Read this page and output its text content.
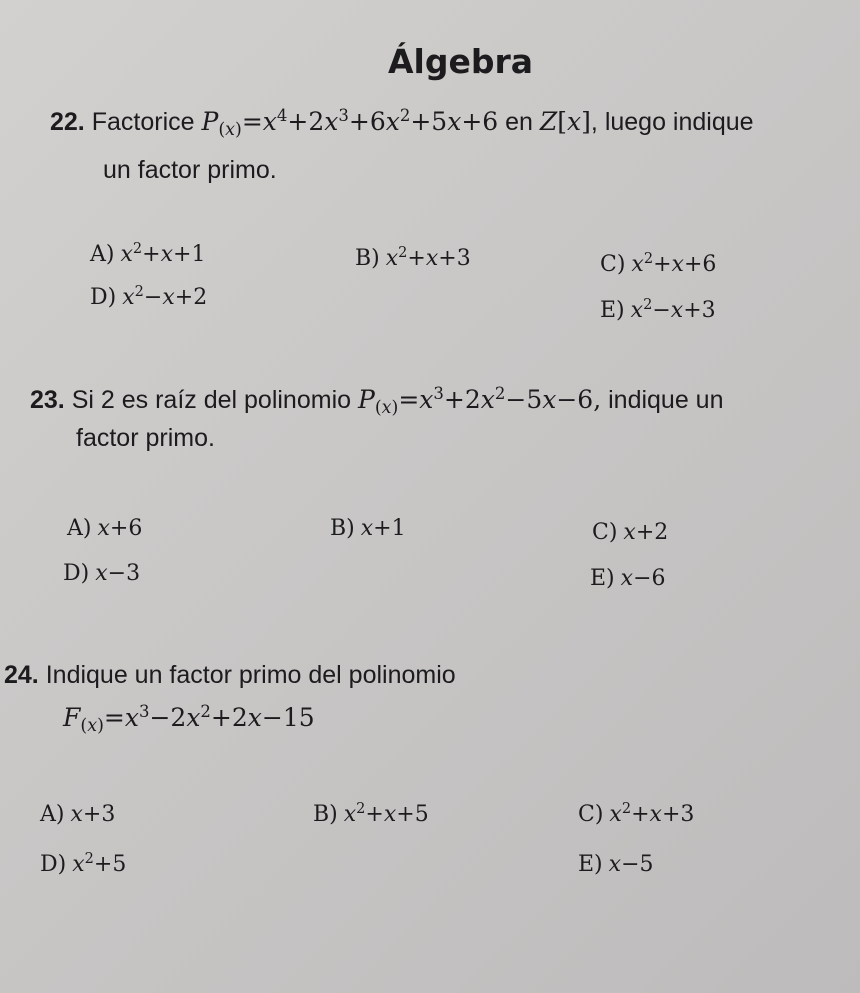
Álgebra
22. Factorice $P_{(x)}=x^4+2x^3+6x^2+5x+6$ en Z[x], luego indique
un factor primo.
A) $x^2+x+1$	B) $x^2+x+3$	C) $x^2+x+6$
D) $x^2-x+2$
E) $x^2-x+3$
23. Si 2 es raíz del polinomio $P_{(x)}=x^3+2x^2-5x-6$, indique un
factor primo.
A) x+6	B) x+1	C) x+2
D) x−3	E) x−6
24. Indique un factor primo del polinomio
$F_{(x)}=x^3-2x^2+2x-15$
A) x+3	B) $x^2+x+5$	C) $x^2+x+3$
D) $x^2+5$	E) x−5
